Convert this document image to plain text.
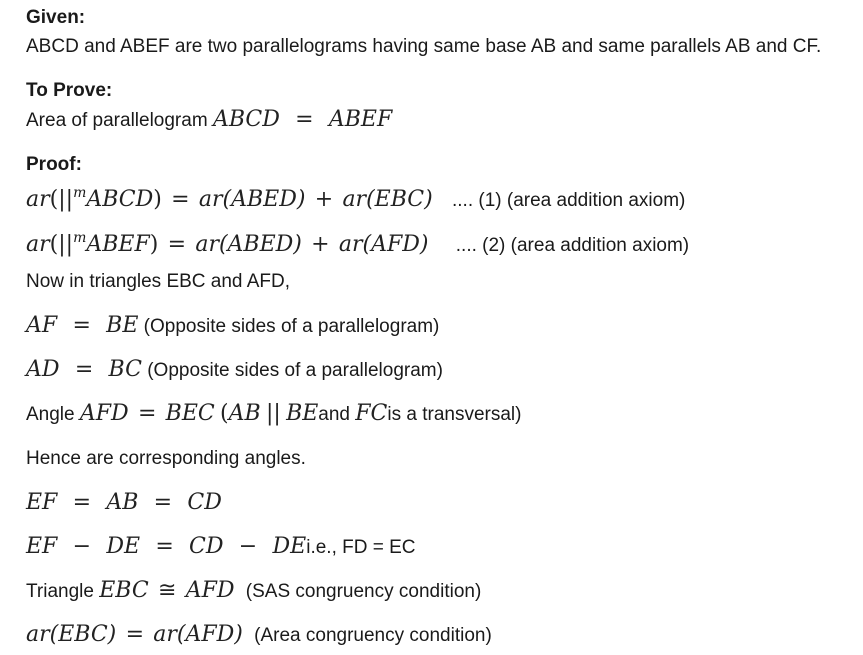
Given:
ABCD and ABEF are two parallelograms having same base AB and same parallels AB and CF.
To Prove:
Area of parallelogram ABCD = ABEF
Proof:
$ar(||^mABCD)$ = ar(ABED) + ar(EBC) .... (1) (area addition axiom)
$ar(||^mABEF)$ = ar(ABED) + ar(AFD) .... (2) (area addition axiom)
Now in triangles EBC and AFD,
AF = BE (Opposite sides of a parallelogram)
AD = BC (Opposite sides of a parallelogram)
Angle AFD = BEC (AB || BEand FCis a transversal)
Hence are corresponding angles.
EF = AB = CD
EF − DE = CD − DEi.e., FD = EC
Triangle EBC ≅ AFD (SAS congruency condition)
ar(EBC) = ar(AFD) (Area congruency condition)
